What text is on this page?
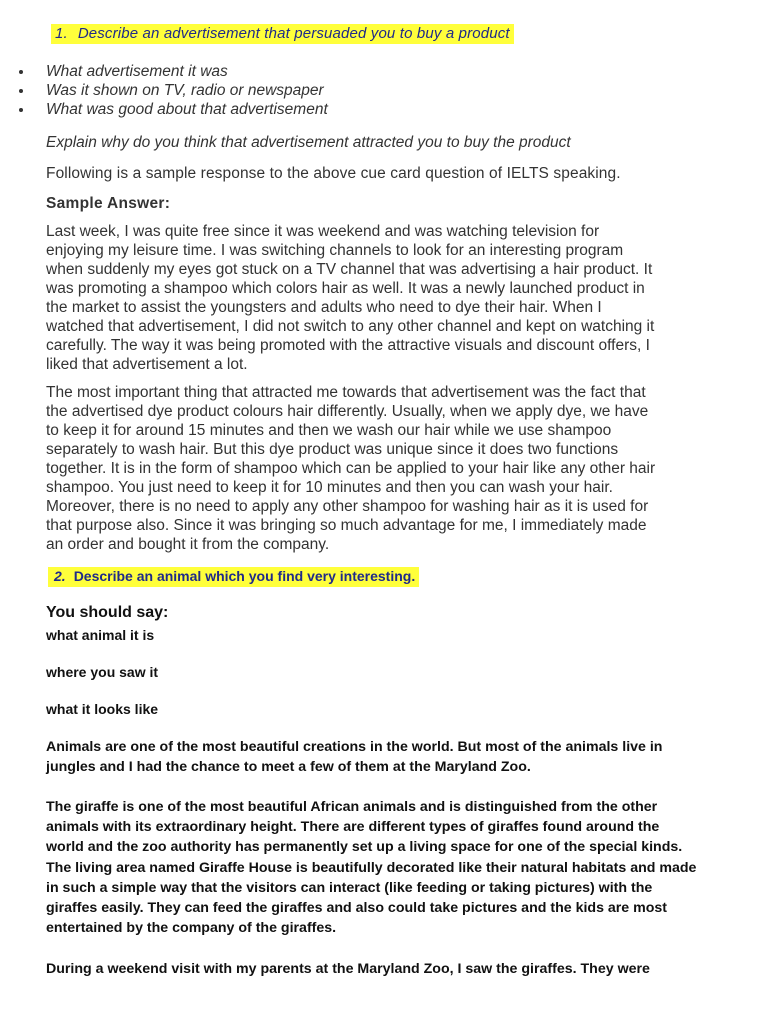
1. Describe an advertisement that persuaded you to buy a product
What advertisement it was
Was it shown on TV, radio or newspaper
What was good about that advertisement
Explain why do you think that advertisement attracted you to buy the product
Following is a sample response to the above cue card question of IELTS speaking.
Sample Answer:
Last week, I was quite free since it was weekend and was watching television for
enjoying my leisure time. I was switching channels to look for an interesting program
when suddenly my eyes got stuck on a TV channel that was advertising a hair product. It
was promoting a shampoo which colors hair as well. It was a newly launched product in
the market to assist the youngsters and adults who need to dye their hair. When I
watched that advertisement, I did not switch to any other channel and kept on watching it
carefully. The way it was being promoted with the attractive visuals and discount offers, I
liked that advertisement a lot.
The most important thing that attracted me towards that advertisement was the fact that
the advertised dye product colours hair differently. Usually, when we apply dye, we have
to keep it for around 15 minutes and then we wash our hair while we use shampoo
separately to wash hair. But this dye product was unique since it does two functions
together. It is in the form of shampoo which can be applied to your hair like any other hair
shampoo. You just need to keep it for 10 minutes and then you can wash your hair.
Moreover, there is no need to apply any other shampoo for washing hair as it is used for
that purpose also. Since it was bringing so much advantage for me, I immediately made
an order and bought it from the company.
2. Describe an animal which you find very interesting.
You should say:
what animal it is
where you saw it
what it looks like
Animals are one of the most beautiful creations in the world. But most of the animals live in
jungles and I had the chance to meet a few of them at the Maryland Zoo.
The giraffe is one of the most beautiful African animals and is distinguished from the other
animals with its extraordinary height. There are different types of giraffes found around the
world and the zoo authority has permanently set up a living space for one of the special kinds.
The living area named Giraffe House is beautifully decorated like their natural habitats and made
in such a simple way that the visitors can interact (like feeding or taking pictures) with the
giraffes easily. They can feed the giraffes and also could take pictures and the kids are most
entertained by the company of the giraffes.
During a weekend visit with my parents at the Maryland Zoo, I saw the giraffes. They were
